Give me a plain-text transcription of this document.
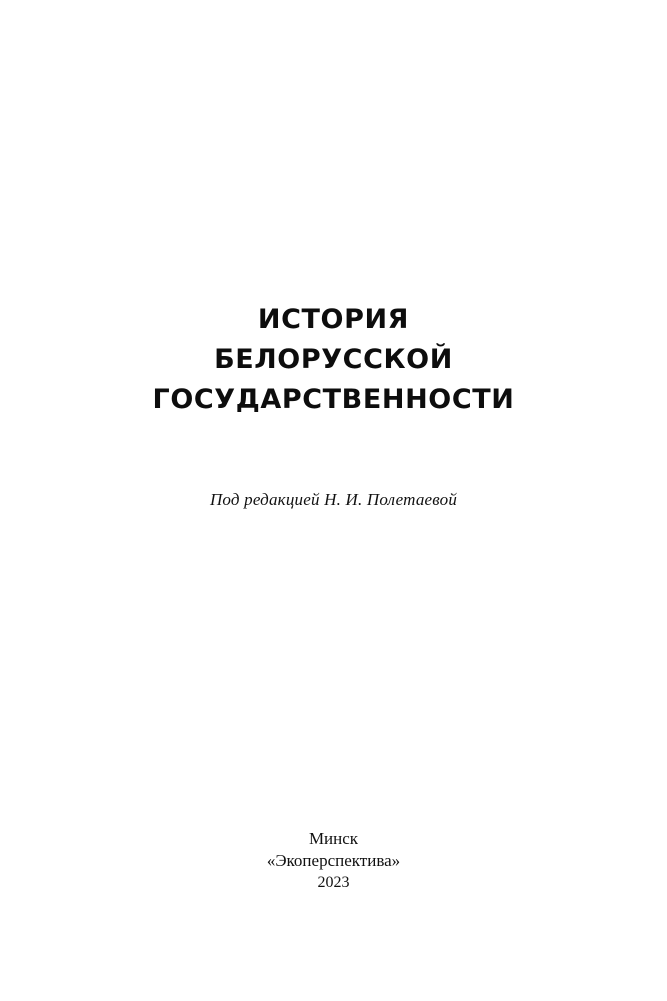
ИСТОРИЯ
БЕЛОРУССКОЙ
ГОСУДАРСТВЕННОСТИ
Под редакцией Н. И. Полетаевой
Минск
«Экоперспектива»
2023
